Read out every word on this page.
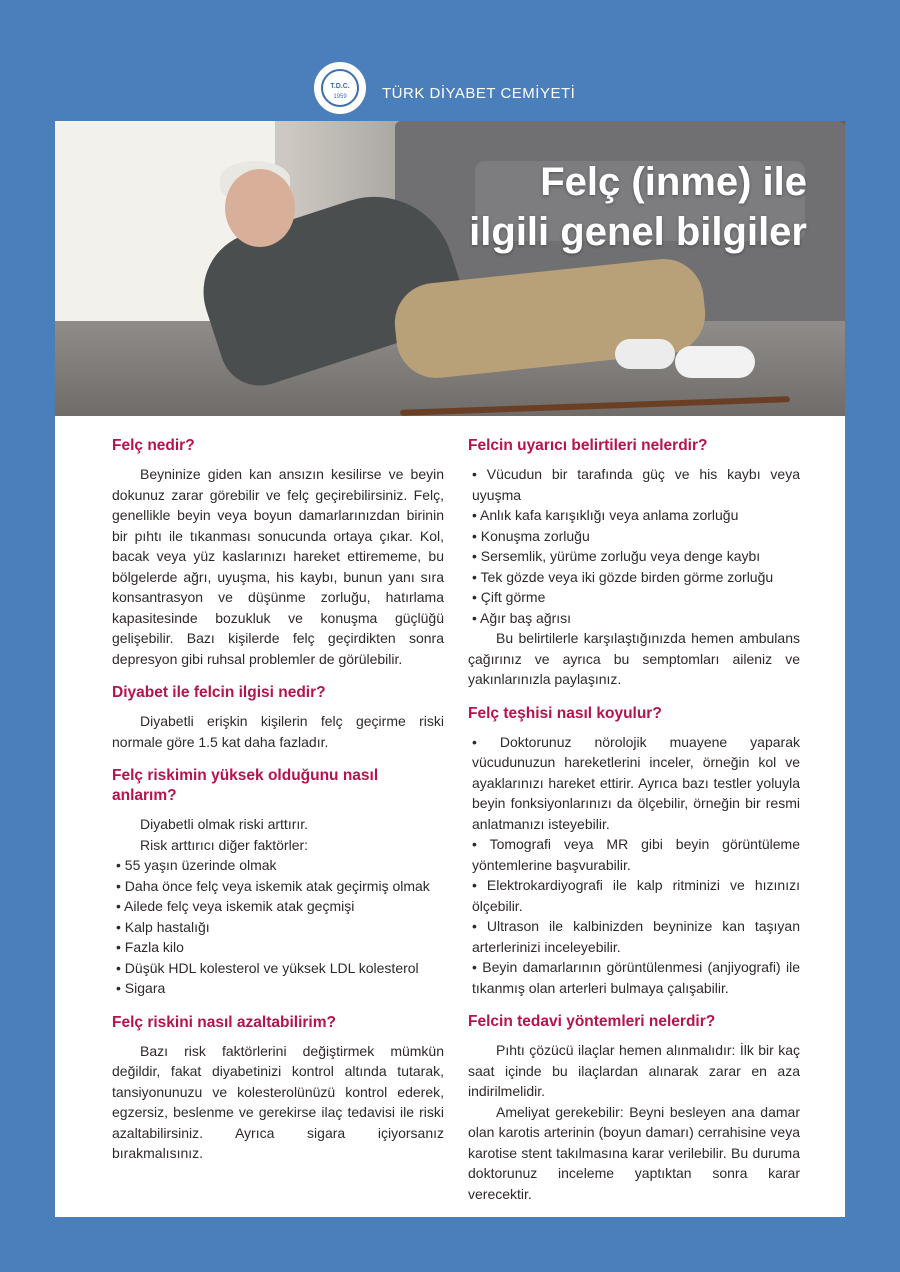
T.D.C.
1959	TÜRK DİYABET CEMİYETİ
Felç (inme) ile
ilgili genel bilgiler
Felç nedir?

Beyninize giden kan ansızın kesilirse ve beyin dokunuz zarar görebilir ve felç geçirebilirsiniz. Felç, genellikle beyin veya boyun damarlarınızdan birinin bir pıhtı ile tıkanması sonucunda ortaya çıkar. Kol, bacak veya yüz kaslarınızı hareket ettirememe, bu bölgelerde ağrı, uyuşma, his kaybı, bunun yanı sıra konsantrasyon ve düşünme zorluğu, hatırlama kapasitesinde bozukluk ve konuşma güçlüğü gelişebilir. Bazı kişilerde felç geçirdikten sonra depresyon gibi ruhsal problemler de görülebilir.

Diyabet ile felcin ilgisi nedir?

Diyabetli erişkin kişilerin felç geçirme riski normale göre 1.5 kat daha fazladır.

Felç riskimin yüksek olduğunu nasıl anlarım?

Diyabetli olmak riski arttırır.

Risk arttırıcı diğer faktörler:

• 55 yaşın üzerinde olmak

• Daha önce felç veya iskemik atak geçirmiş olmak

• Ailede felç veya iskemik atak geçmişi

• Kalp hastalığı

• Fazla kilo

• Düşük HDL kolesterol ve yüksek LDL kolesterol

• Sigara

Felç riskini nasıl azaltabilirim?

Bazı risk faktörlerini değiştirmek mümkün değildir, fakat diyabetinizi kontrol altında tutarak, tansiyonunuzu ve kolesterolünüzü kontrol ederek, egzersiz, beslenme ve gerekirse ilaç tedavisi ile riski azaltabilirsiniz. Ayrıca sigara içiyorsanız bırakmalısınız.

Felcin uyarıcı belirtileri nelerdir?

• Vücudun bir tarafında güç ve his kaybı veya uyuşma

• Anlık kafa karışıklığı veya anlama zorluğu

• Konuşma zorluğu

• Sersemlik, yürüme zorluğu veya denge kaybı

• Tek gözde veya iki gözde birden görme zorluğu

• Çift görme

• Ağır baş ağrısı

Bu belirtilerle karşılaştığınızda hemen ambulans çağırınız ve ayrıca bu semptomları aileniz ve yakınlarınızla paylaşınız.

Felç teşhisi nasıl koyulur?

• Doktorunuz nörolojik muayene yaparak vücudunuzun hareketlerini inceler, örneğin kol ve ayaklarınızı hareket ettirir. Ayrıca bazı testler yoluyla beyin fonksiyonlarınızı da ölçebilir, örneğin bir resmi anlatmanızı isteyebilir.

• Tomografi veya MR gibi beyin görüntüleme yöntemlerine başvurabilir.

• Elektrokardiyografi ile kalp ritminizi ve hızınızı ölçebilir.

• Ultrason ile kalbinizden beyninize kan taşıyan arterlerinizi inceleyebilir.

• Beyin damarlarının görüntülenmesi (anjiyografi) ile tıkanmış olan arterleri bulmaya çalışabilir.

Felcin tedavi yöntemleri nelerdir?

Pıhtı çözücü ilaçlar hemen alınmalıdır: İlk bir kaç saat içinde bu ilaçlardan alınarak zarar en aza indirilmelidir.

Ameliyat gerekebilir: Beyni besleyen ana damar olan karotis arterinin (boyun damarı) cerrahisine veya karotise stent takılmasına karar verilebilir. Bu duruma doktorunuz inceleme yaptıktan sonra karar verecektir.
